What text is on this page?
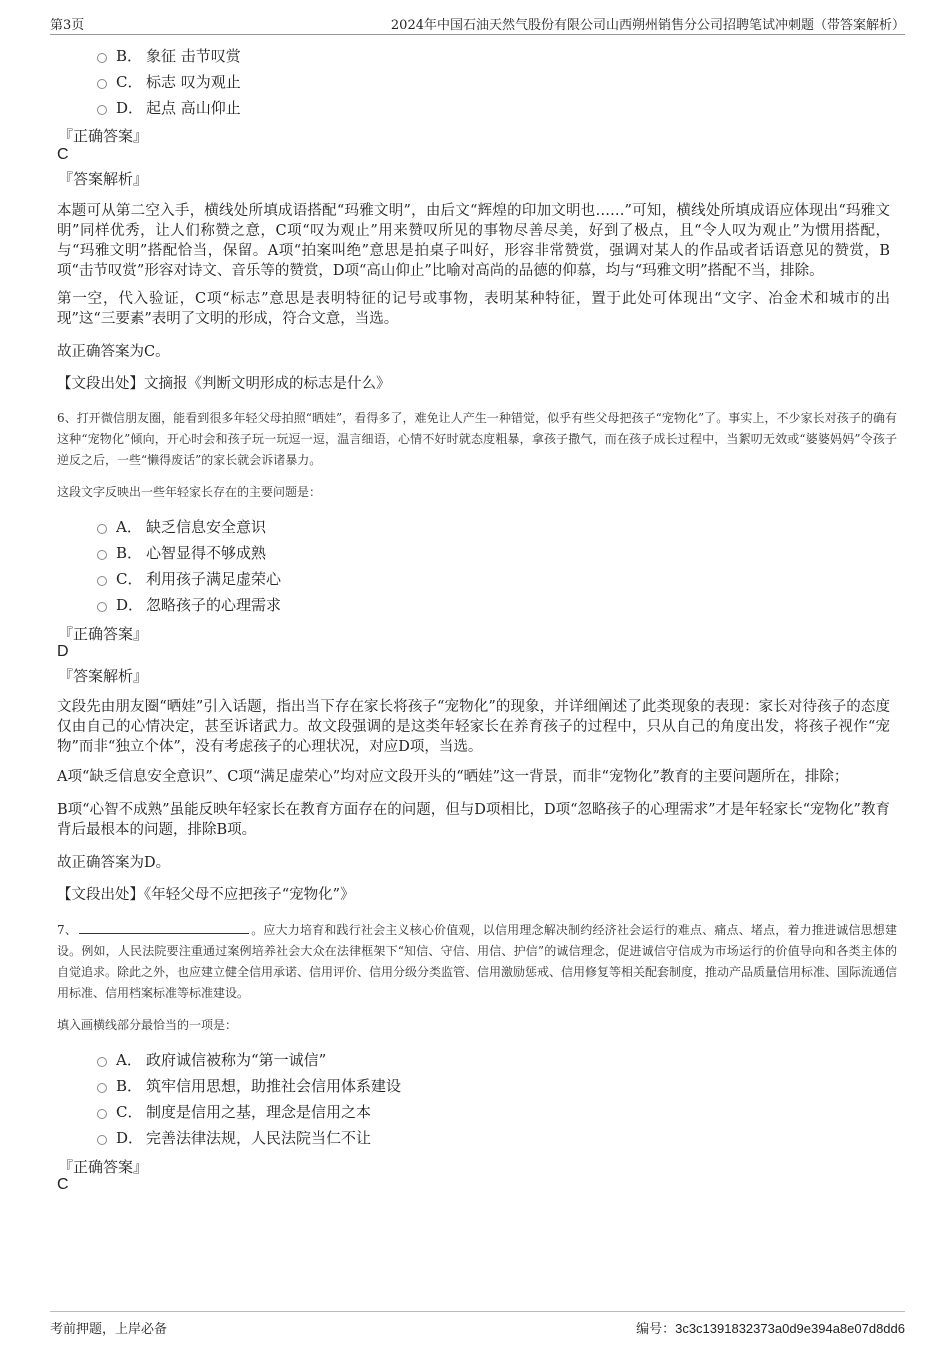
第3页	2024年中国石油天然气股份有限公司山西朔州销售分公司招聘笔试冲刺题（带答案解析）
B． 象征 击节叹赏
C． 标志 叹为观止
D． 起点 高山仰止
『正确答案』
C
『答案解析』
本题可从第二空入手，横线处所填成语搭配“玛雅文明”，由后文“辉煌的印加文明也……”可知，横线处所填成语应体现出“玛雅文明”同样优秀，让人们称赞之意，C项“叹为观止”用来赞叹所见的事物尽善尽美，好到了极点，且“令人叹为观止”为惯用搭配，与“玛雅文明”搭配恰当，保留。A项“拍案叫绝”意思是拍桌子叫好，形容非常赞赏，强调对某人的作品或者话语意见的赞赏，B项“击节叹赏”形容对诗文、音乐等的赞赏，D项“高山仰止”比喻对高尚的品德的仰慕，均与“玛雅文明”搭配不当，排除。
第一空，代入验证，C项“标志”意思是表明特征的记号或事物，表明某种特征，置于此处可体现出“文字、冶金术和城市的出现”这“三要素”表明了文明的形成，符合文意，当选。
故正确答案为C。
【文段出处】文摘报《判断文明形成的标志是什么》
6、打开微信朋友圈，能看到很多年轻父母拍照“晒娃”，看得多了，难免让人产生一种错觉，似乎有些父母把孩子“宠物化”了。事实上，不少家长对孩子的确有这种“宠物化”倾向，开心时会和孩子玩一玩逗一逗，温言细语，心情不好时就态度粗暴，拿孩子撒气，而在孩子成长过程中，当絮叨无效或“婆婆妈妈”令孩子逆反之后，一些“懒得废话”的家长就会诉诸暴力。
这段文字反映出一些年轻家长存在的主要问题是：
A． 缺乏信息安全意识
B． 心智显得不够成熟
C． 利用孩子满足虚荣心
D． 忽略孩子的心理需求
『正确答案』
D
『答案解析』
文段先由朋友圈“晒娃”引入话题，指出当下存在家长将孩子“宠物化”的现象，并详细阐述了此类现象的表现：家长对待孩子的态度仅由自己的心情决定，甚至诉诸武力。故文段强调的是这类年轻家长在养育孩子的过程中，只从自己的角度出发，将孩子视作“宠物”而非“独立个体”，没有考虑孩子的心理状况，对应D项，当选。
A项“缺乏信息安全意识”、C项“满足虚荣心”均对应文段开头的“晒娃”这一背景，而非“宠物化”教育的主要问题所在，排除；
B项“心智不成熟”虽能反映年轻家长在教育方面存在的问题，但与D项相比，D项“忽略孩子的心理需求”才是年轻家长“宠物化”教育背后最根本的问题，排除B项。
故正确答案为D。
【文段出处】《年轻父母不应把孩子“宠物化”》
7、	。应大力培育和践行社会主义核心价值观，以信用理念解决制约经济社会运行的难点、痛点、堵点，着力推进诚信思想建设。例如，人民法院要注重通过案例培养社会大众在法律框架下“知信、守信、用信、护信”的诚信理念，促进诚信守信成为市场运行的价值导向和各类主体的自觉追求。除此之外，也应建立健全信用承诺、信用评价、信用分级分类监管、信用激励惩戒、信用修复等相关配套制度，推动产品质量信用标准、国际流通信用标准、信用档案标准等标准建设。
填入画横线部分最恰当的一项是：
A． 政府诚信被称为“第一诚信”
B． 筑牢信用思想，助推社会信用体系建设
C． 制度是信用之基，理念是信用之本
D． 完善法律法规，人民法院当仁不让
『正确答案』
C
考前押题，上岸必备	编号：3c3c1391832373a0d9e394a8e07d8dd6
